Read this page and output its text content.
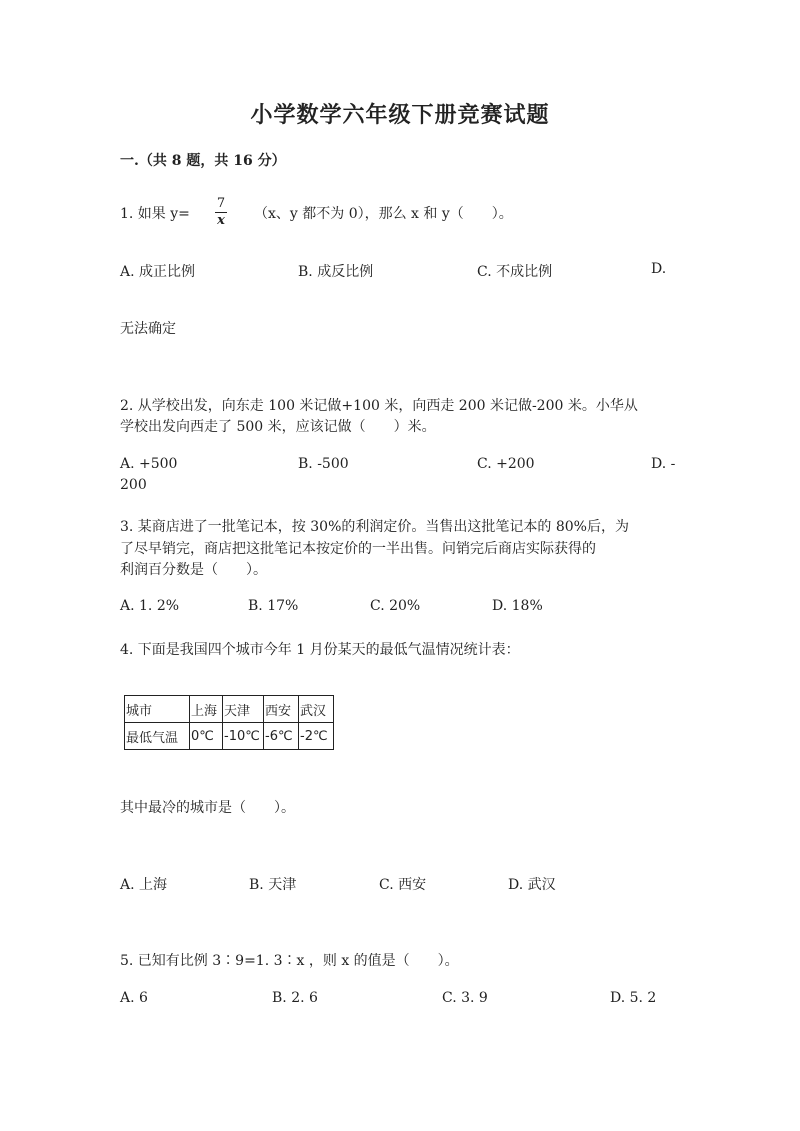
小学数学六年级下册竞赛试题
一.（共 8 题，共 16 分）
1. 如果 y=
7
x	（x、y 都不为 0），那么 x 和 y（　　）。
A. 成正比例	B. 成反比例	C. 不成比例	D.
无法确定
2. 从学校出发，向东走 100 米记做+100 米，向西走 200 米记做-200 米。小华从
学校出发向西走了 500 米，应该记做（　　）米。
A. +500	B. -500	C. +200	D. -
200
3. 某商店进了一批笔记本，按 30%的利润定价。当售出这批笔记本的 80%后，为
了尽早销完，商店把这批笔记本按定价的一半出售。问销完后商店实际获得的
利润百分数是（　　）。
A. 1. 2%	B. 17%	C. 20%	D. 18%
4. 下面是我国四个城市今年 1 月份某天的最低气温情况统计表：
城市	上海	天津	西安	武汉
最低气温	0℃	-10℃	-6℃	-2℃
其中最冷的城市是（　　）。
A. 上海	B. 天津	C. 西安	D. 武汉
5. 已知有比例 3∶9=1. 3∶x ，则 x 的值是（　　）。
A. 6	B. 2. 6	C. 3. 9	D. 5. 2
